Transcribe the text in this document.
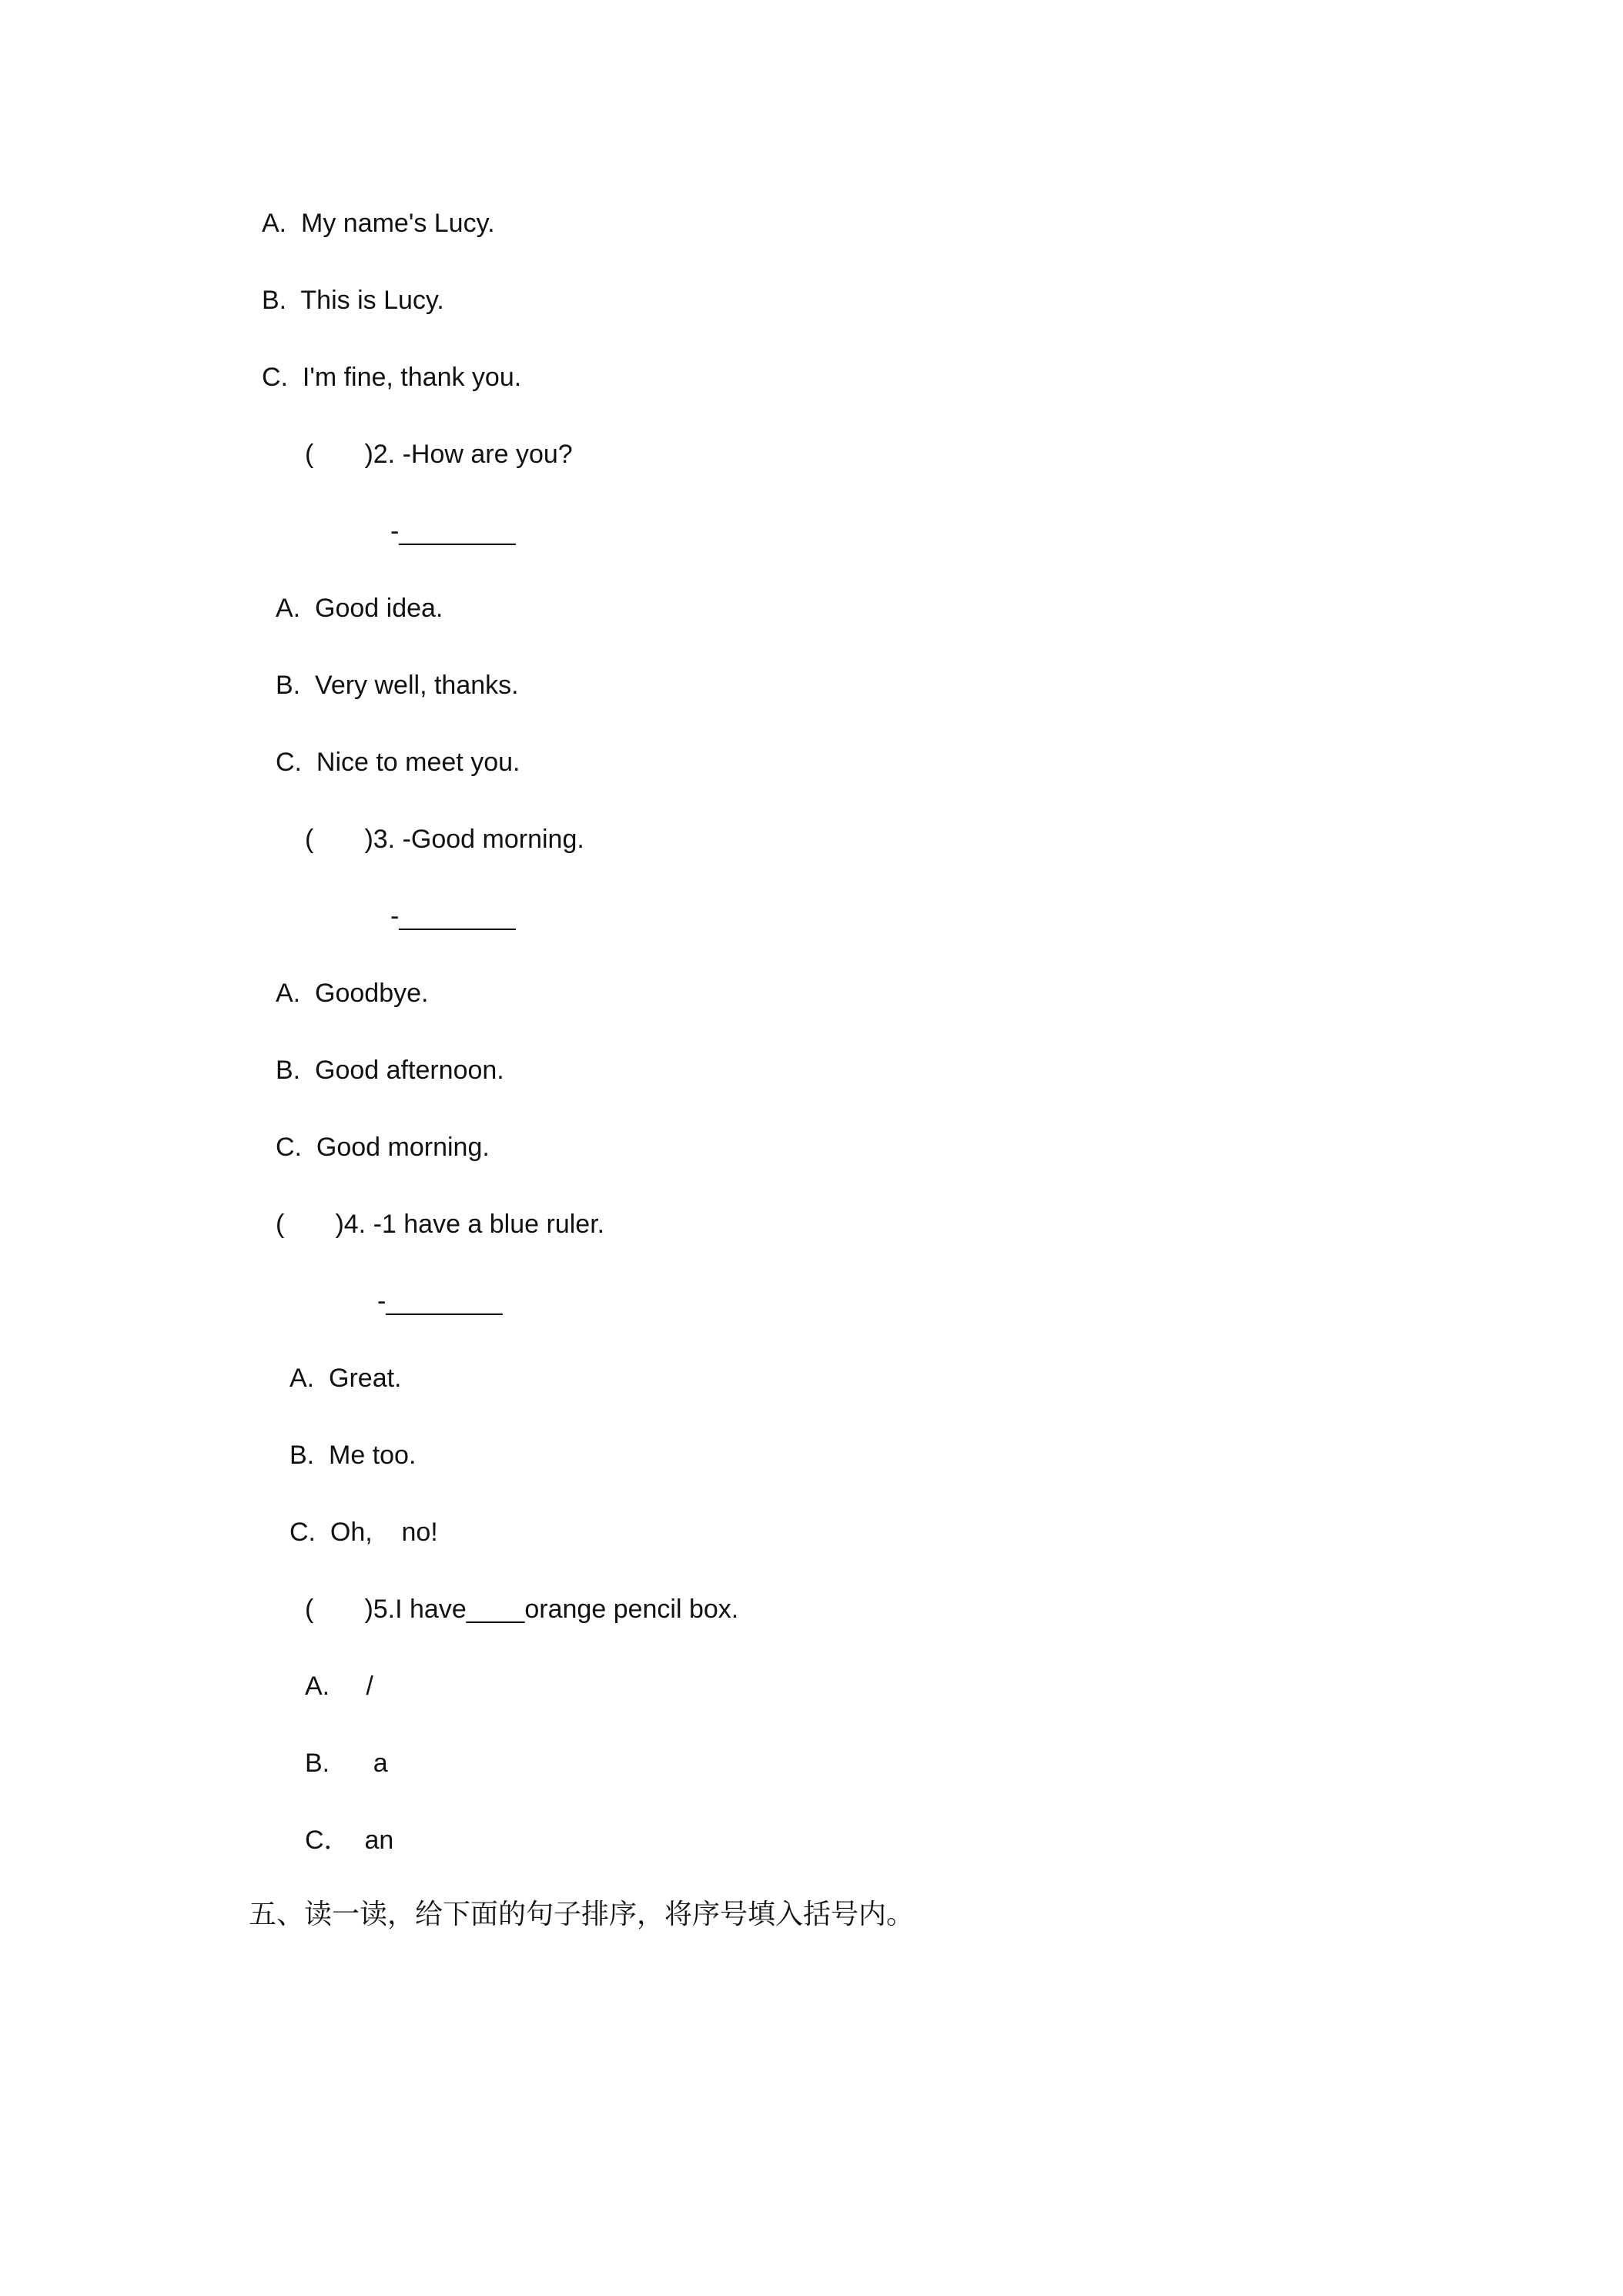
A.  My name's Lucy.
B.  This is Lucy.
C.  I'm fine, thank you.
(       )2. -How are you?
-________
A.  Good idea.
B.  Very well, thanks.
C.  Nice to meet you.
(       )3. -Good morning.
-________
A.  Goodbye.
B.  Good afternoon.
C.  Good morning.
(       )4. -1 have a blue ruler.
-________
A.  Great.
B.  Me too.
C.  Oh,    no!
(       )5.I have____orange pencil box.
A.     /
B.      a
C．  an
五、读一读，给下面的句子排序，将序号填入括号内。
